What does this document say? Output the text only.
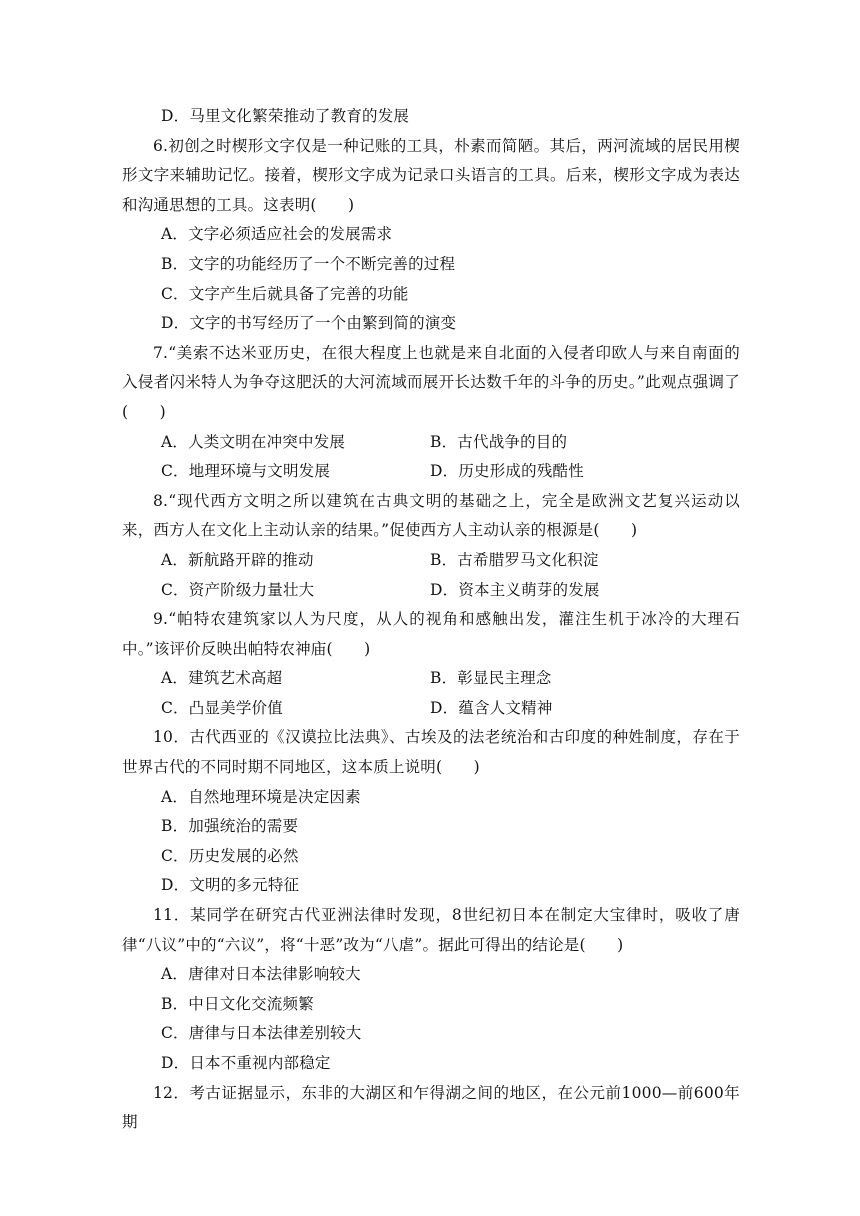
D．马里文化繁荣推动了教育的发展

6.初创之时楔形文字仅是一种记账的工具，朴素而简陋。其后，两河流域的居民用楔形文字来辅助记忆。接着，楔形文字成为记录口头语言的工具。后来，楔形文字成为表达和沟通思想的工具。这表明(　　)

A．文字必须适应社会的发展需求

B．文字的功能经历了一个不断完善的过程

C．文字产生后就具备了完善的功能

D．文字的书写经历了一个由繁到简的演变

7.“美索不达米亚历史，在很大程度上也就是来自北面的入侵者印欧人与来自南面的入侵者闪米特人为争夺这肥沃的大河流域而展开长达数千年的斗争的历史。”此观点强调了(　　)

A．人类文明在冲突中发展	B．古代战争的目的
C．地理环境与文明发展	D．历史形成的残酷性

8.“现代西方文明之所以建筑在古典文明的基础之上，完全是欧洲文艺复兴运动以来，西方人在文化上主动认亲的结果。”促使西方人主动认亲的根源是(　　)

A．新航路开辟的推动	B．古希腊罗马文化积淀
C．资产阶级力量壮大	D．资本主义萌芽的发展

9.“帕特农建筑家以人为尺度，从人的视角和感触出发，灌注生机于冰冷的大理石中。”该评价反映出帕特农神庙(　　)

A．建筑艺术高超	B．彰显民主理念
C．凸显美学价值	D．蕴含人文精神

10．古代西亚的《汉谟拉比法典》、古埃及的法老统治和古印度的种姓制度，存在于世界古代的不同时期不同地区，这本质上说明(　　)

A．自然地理环境是决定因素

B．加强统治的需要

C．历史发展的必然

D．文明的多元特征

11．某同学在研究古代亚洲法律时发现，8世纪初日本在制定大宝律时，吸收了唐律“八议”中的“六议”，将“十恶”改为“八虐”。据此可得出的结论是(　　)

A．唐律对日本法律影响较大

B．中日文化交流频繁

C．唐律与日本法律差别较大

D．日本不重视内部稳定

12．考古证据显示，东非的大湖区和乍得湖之间的地区，在公元前1000—前600年期
